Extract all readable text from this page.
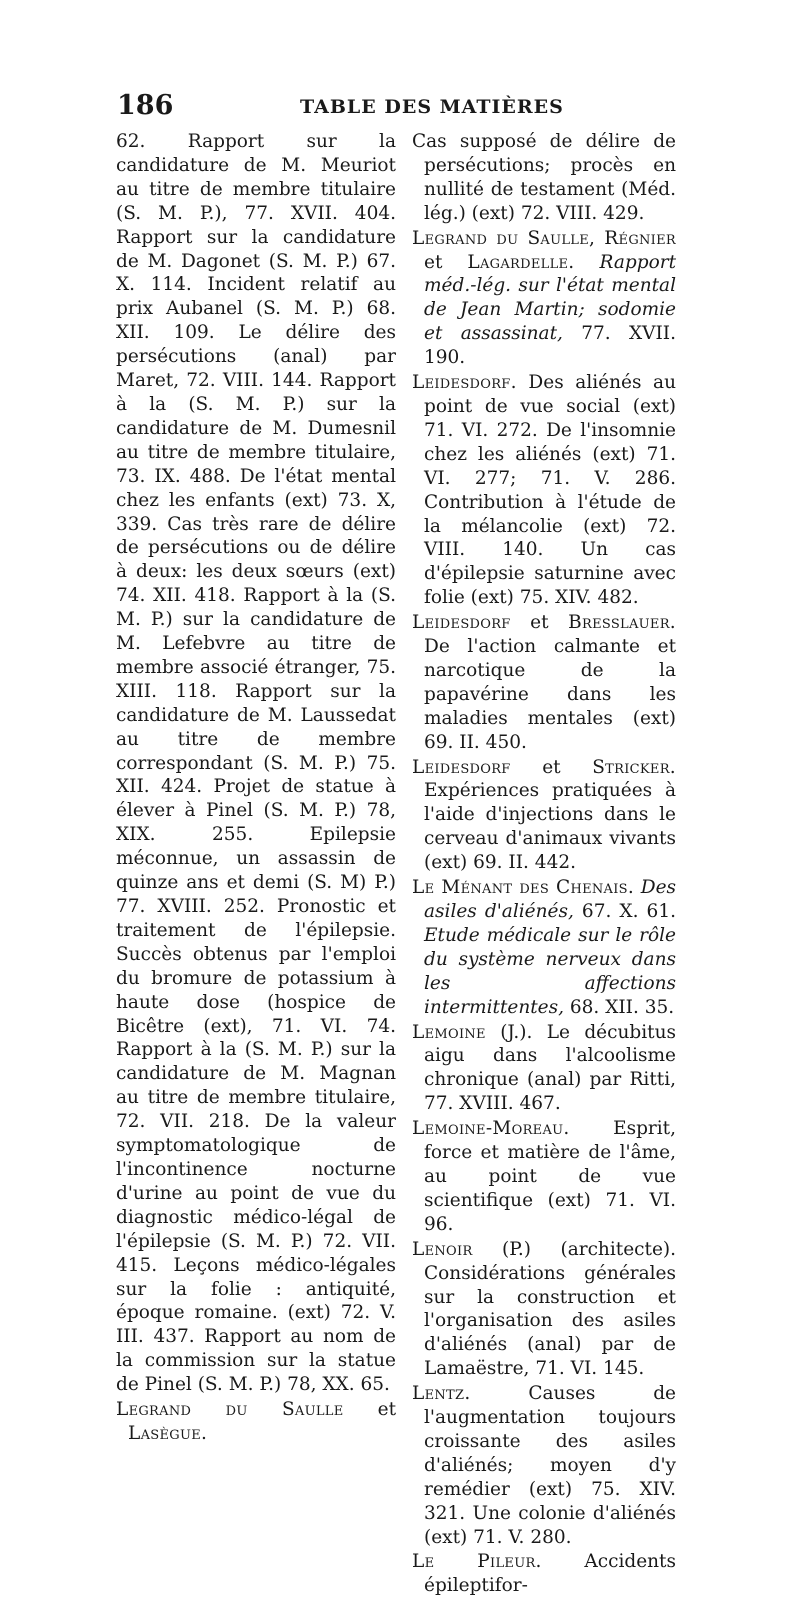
186	TABLE DES MATIÈRES

62. Rapport sur la candidature de M. Meuriot au titre de membre titulaire (S. M. P.), 77. XVII. 404. Rapport sur la candidature de M. Dagonet (S. M. P.) 67. X. 114. Incident relatif au prix Aubanel (S. M. P.) 68. XII. 109. Le délire des persécutions (anal) par Maret, 72. VIII. 144. Rapport à la (S. M. P.) sur la candidature de M. Dumesnil au titre de membre titulaire, 73. IX. 488. De l'état mental chez les enfants (ext) 73. X, 339. Cas très rare de délire de persécutions ou de délire à deux: les deux sœurs (ext) 74. XII. 418. Rapport à la (S. M. P.) sur la candidature de M. Lefebvre au titre de membre associé étranger, 75. XIII. 118. Rapport sur la candidature de M. Laussedat au titre de membre correspondant (S. M. P.) 75. XII. 424. Projet de statue à élever à Pinel (S. M. P.) 78, XIX. 255. Epilepsie méconnue, un assassin de quinze ans et demi (S. M) P.) 77. XVIII. 252. Pronostic et traitement de l'épilepsie. Succès obtenus par l'emploi du bromure de potassium à haute dose (hospice de Bicêtre (ext), 71. VI. 74. Rapport à la (S. M. P.) sur la candidature de M. Magnan au titre de membre titulaire, 72. VII. 218. De la valeur symptomatologique de l'incontinence nocturne d'urine au point de vue du diagnostic médico-légal de l'épilepsie (S. M. P.) 72. VII. 415. Leçons médico-légales sur la folie : antiquité, époque romaine. (ext) 72. V. III. 437. Rapport au nom de la commission sur la statue de Pinel (S. M. P.) 78, XX. 65.

Legrand du Saulle et Lasègue.

Cas supposé de délire de persécutions; procès en nullité de testament (Méd. lég.) (ext) 72. VIII. 429.

Legrand du Saulle, Régnier et Lagardelle. Rapport méd.-lég. sur l'état mental de Jean Martin; sodomie et assassinat, 77. XVII. 190.

Leidesdorf. Des aliénés au point de vue social (ext) 71. VI. 272. De l'insomnie chez les aliénés (ext) 71. VI. 277; 71. V. 286. Contribution à l'étude de la mélancolie (ext) 72. VIII. 140. Un cas d'épilepsie saturnine avec folie (ext) 75. XIV. 482.

Leidesdorf et Bresslauer. De l'action calmante et narcotique de la papavérine dans les maladies mentales (ext) 69. II. 450.

Leidesdorf et Stricker. Expériences pratiquées à l'aide d'injections dans le cerveau d'animaux vivants (ext) 69. II. 442.

Le Ménant des Chenais. Des asiles d'aliénés, 67. X. 61. Etude médicale sur le rôle du système nerveux dans les affections intermittentes, 68. XII. 35.

Lemoine (J.). Le décubitus aigu dans l'alcoolisme chronique (anal) par Ritti, 77. XVIII. 467.

Lemoine-Moreau. Esprit, force et matière de l'âme, au point de vue scientifique (ext) 71. VI. 96.

Lenoir (P.) (architecte). Considérations générales sur la construction et l'organisation des asiles d'aliénés (anal) par de Lamaëstre, 71. VI. 145.

Lentz. Causes de l'augmentation toujours croissante des asiles d'aliénés; moyen d'y remédier (ext) 75. XIV. 321. Une colonie d'aliénés (ext) 71. V. 280.

Le Pileur. Accidents épileptifor-
